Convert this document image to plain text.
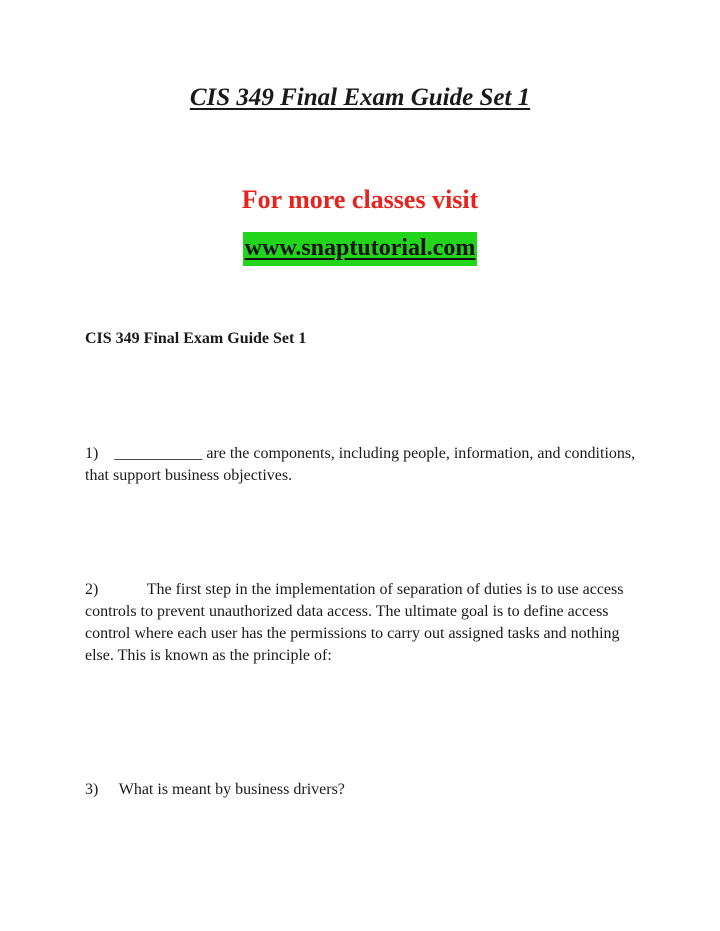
CIS 349 Final Exam Guide Set 1
For more classes visit
www.snaptutorial.com
CIS 349 Final Exam Guide Set 1
1) ___________ are the components, including people, information, and conditions, that support business objectives.
2)	The first step in the implementation of separation of duties is to use access controls to prevent unauthorized data access. The ultimate goal is to define access control where each user has the permissions to carry out assigned tasks and nothing else. This is known as the principle of:
3) What is meant by business drivers?
